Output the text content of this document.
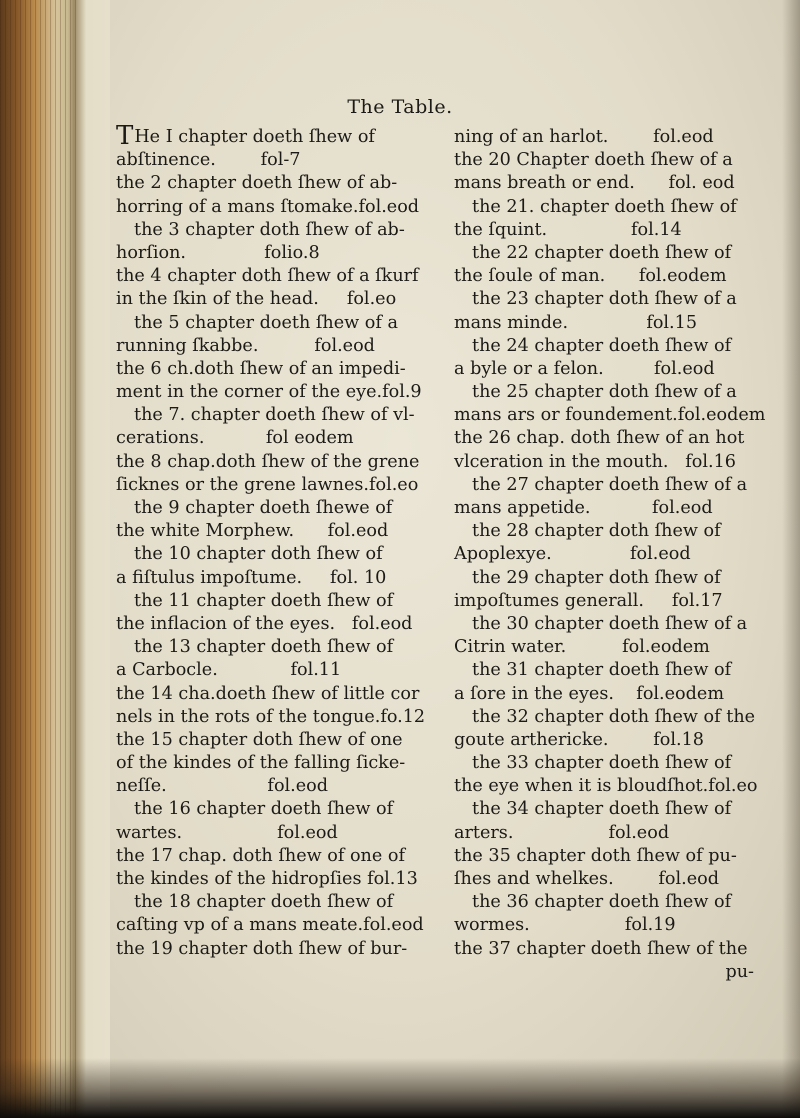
The Table.
THe I chapter doeth ſhew of
abſtinence.        fol-7
the 2 chapter doeth ſhew of ab-
horring of a mans ſtomake.fol.eod
the 3 chapter doth ſhew of ab-
horſion.              folio.8
the 4 chapter doth ſhew of a ſkurf
in the ſkin of the head.     fol.eo
the 5 chapter doeth ſhew of a
running ſkabbe.          fol.eod
the 6 ch.doth ſhew of an impedi-
ment in the corner of the eye.fol.9
the 7. chapter doeth ſhew of vl-
cerations.           fol eodem
the 8 chap.doth ſhew of the grene
ſicknes or the grene lawnes.fol.eo
the 9 chapter doeth ſhewe of
the white Morphew.      fol.eod
the 10 chapter doth ſhew of
a fiſtulus impoſtume.     fol. 10
the 11 chapter doeth ſhew of
the inflacion of the eyes.   fol.eod
the 13 chapter doeth ſhew of
a Carbocle.             fol.11
the 14 cha.doeth ſhew of little cor
nels in the rots of the tongue.fo.12
the 15 chapter doth ſhew of one
of the kindes of the falling ſicke-
neſſe.                  fol.eod
the 16 chapter doeth ſhew of
wartes.                 fol.eod
the 17 chap. doth ſhew of one of
the kindes of the hidropſies fol.13
the 18 chapter doeth ſhew of
caſting vp of a mans meate.fol.eod
the 19 chapter doth ſhew of bur-
ning of an harlot.        fol.eod
the 20 Chapter doeth ſhew of a
mans breath or end.      fol. eod
the 21. chapter doeth ſhew of
the ſquint.               fol.14
the 22 chapter doeth ſhew of
the ſoule of man.      fol.eodem
the 23 chapter doth ſhew of a
mans minde.              fol.15
the 24 chapter doeth ſhew of
a byle or a felon.         fol.eod
the 25 chapter doth ſhew of a
mans ars or foundement.fol.eodem
the 26 chap. doth ſhew of an hot
vlceration in the mouth.   fol.16
the 27 chapter doeth ſhew of a
mans appetide.           fol.eod
the 28 chapter doth ſhew of
Apoplexye.              fol.eod
the 29 chapter doth ſhew of
impoſtumes generall.     fol.17
the 30 chapter doeth ſhew of a
Citrin water.          fol.eodem
the 31 chapter doeth ſhew of
a ſore in the eyes.    fol.eodem
the 32 chapter doth ſhew of the
goute arthericke.        fol.18
the 33 chapter doeth ſhew of
the eye when it is bloudſhot.fol.eo
the 34 chapter doeth ſhew of
arters.                 fol.eod
the 35 chapter doth ſhew of pu-
ſhes and whelkes.        fol.eod
the 36 chapter doeth ſhew of
wormes.                 fol.19
the 37 chapter doeth ſhew of the
pu-
